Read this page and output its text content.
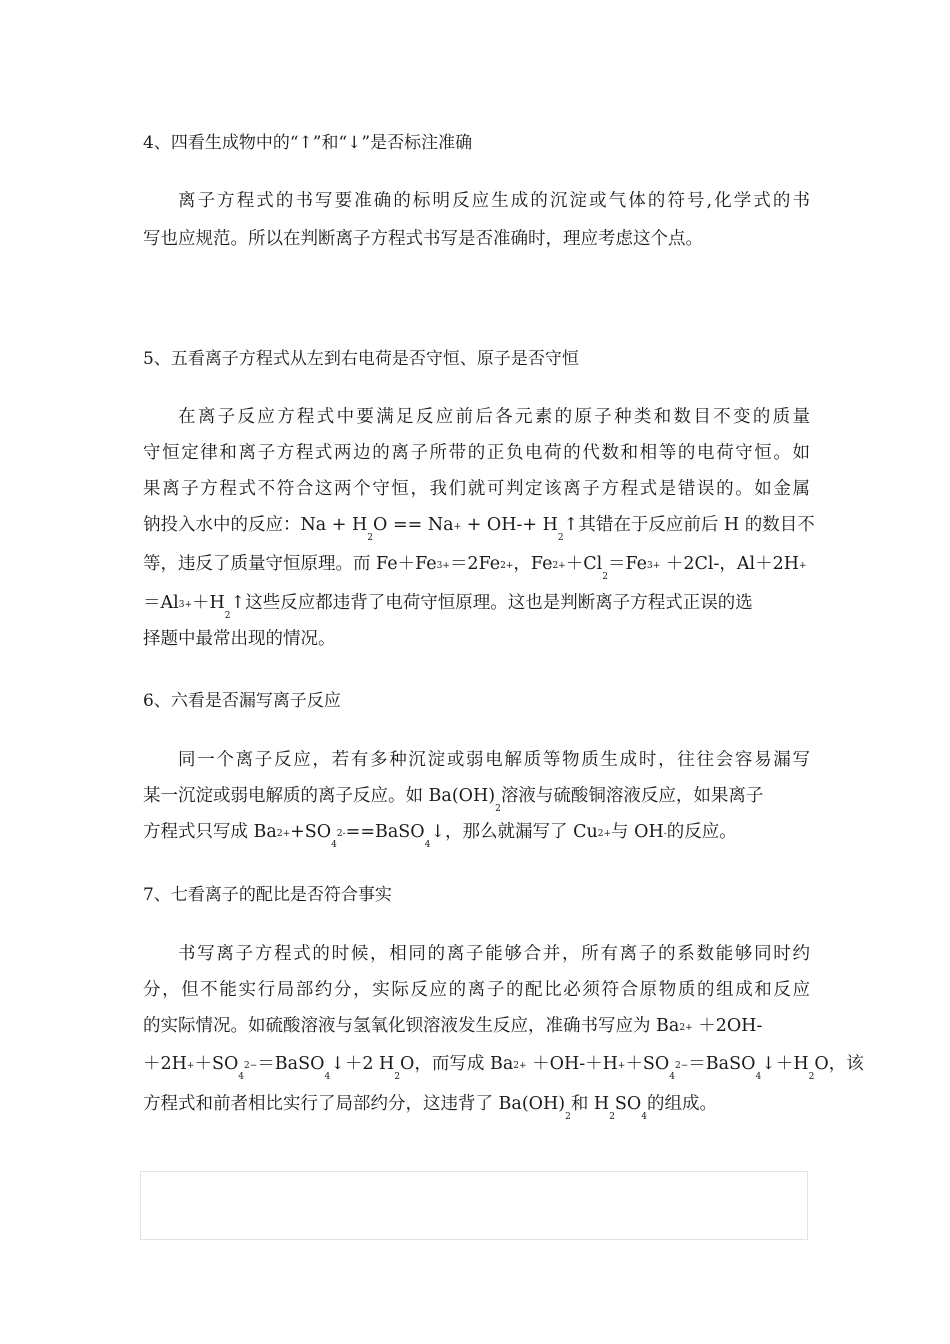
4、四看生成物中的“↑”和“↓”是否标注准确
离子方程式的书写要准确的标明反应生成的沉淀或气体的符号,化学式的书
写也应规范。所以在判断离子方程式书写是否准确时，理应考虑这个点。
5、五看离子方程式从左到右电荷是否守恒、原子是否守恒
在离子反应方程式中要满足反应前后各元素的原子种类和数目不变的质量
守恒定律和离子方程式两边的离子所带的正负电荷的代数和相等的电荷守恒。如
果离子方程式不符合这两个守恒，我们就可判定该离子方程式是错误的。如金属
钠投入水中的反应：$Na + H_2O == Na+ + OH-+$ $H_2↑$其错在于反应前后 H 的数目不
等，违反了质量守恒原理。而 Fe＋Fe3+＝2Fe2+，$Fe2++Cl_2=Fe3+ +2Cl-$，Al＋2H+
$=Al3++H_2↑$这些反应都违背了电荷守恒原理。这也是判断离子方程式正误的选
择题中最常出现的情况。
6、六看是否漏写离子反应
同一个离子反应，若有多种沉淀或弱电解质等物质生成时，往往会容易漏写
某一沉淀或弱电解质的离子反应。如 $Ba(OH)_2$溶液与硫酸铜溶液反应，如果离子
方程式只写成 $Ba2++SO_42-==BaSO_4↓$，那么就漏写了 Cu2+与 OH-的反应。
7、七看离子的配比是否符合事实
书写离子方程式的时候，相同的离子能够合并，所有离子的系数能够同时约
分，但不能实行局部约分，实际反应的离子的配比必须符合原物质的组成和反应
的实际情况。如硫酸溶液与氢氧化钡溶液发生反应，准确书写应为 Ba2+ ＋2OH-
$+2H++SO_42-=BaSO_4↓+2$ $H_2O$，而写成 $Ba2+ +OH-+H++SO_42-=BaSO_4↓+H_2O$，该
方程式和前者相比实行了局部约分，这违背了 $Ba(OH)_2$和 $H_2SO_4$的组成。
